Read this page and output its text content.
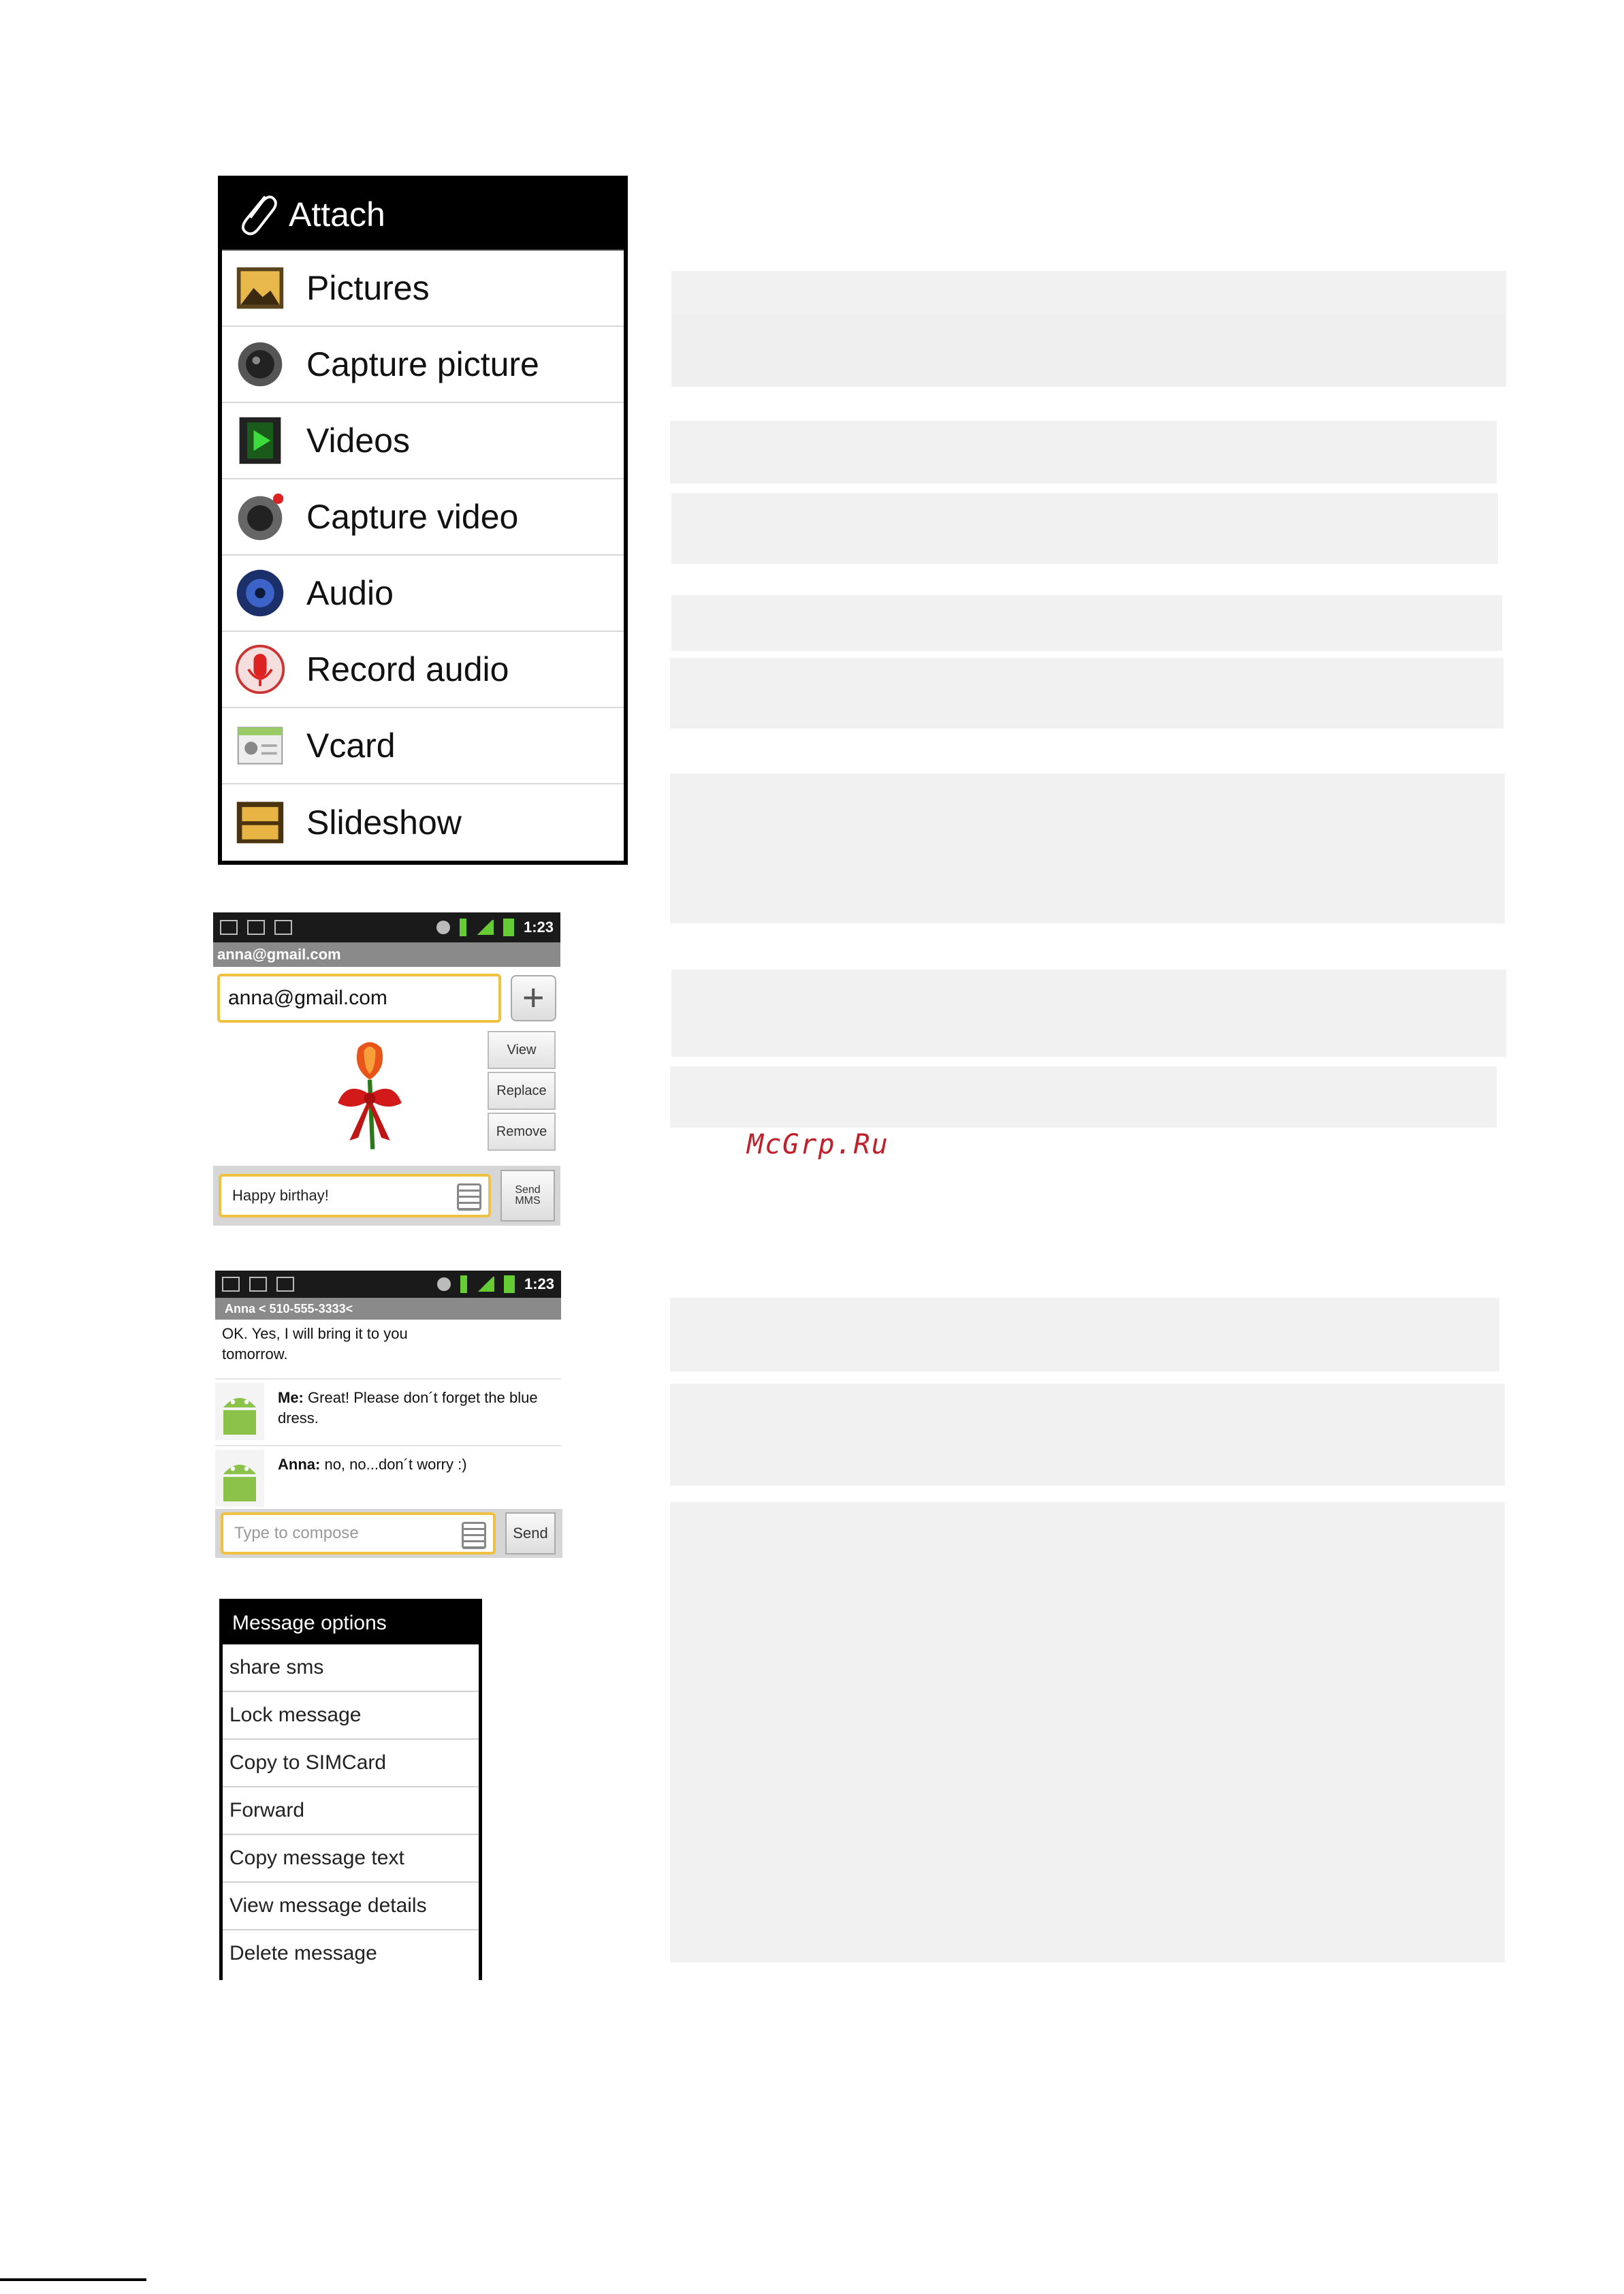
Attach
Pictures
Capture picture
Videos
Capture video
Audio
Record audio
Vcard
Slideshow
1:23
anna@gmail.com
anna@gmail.com	+
View
Replace
Remove
Happy birthay!	Send MMS
1:23
Anna < 510-555-3333<
OK. Yes, I will bring it to you tomorrow.
Me: Great! Please don´t forget the blue dress.
Anna: no, no...don´t worry :)
Type to compose	Send
Message options
share sms
Lock message
Copy to SIMCard
Forward
Copy message text
View message details
Delete message
McGrp.Ru
